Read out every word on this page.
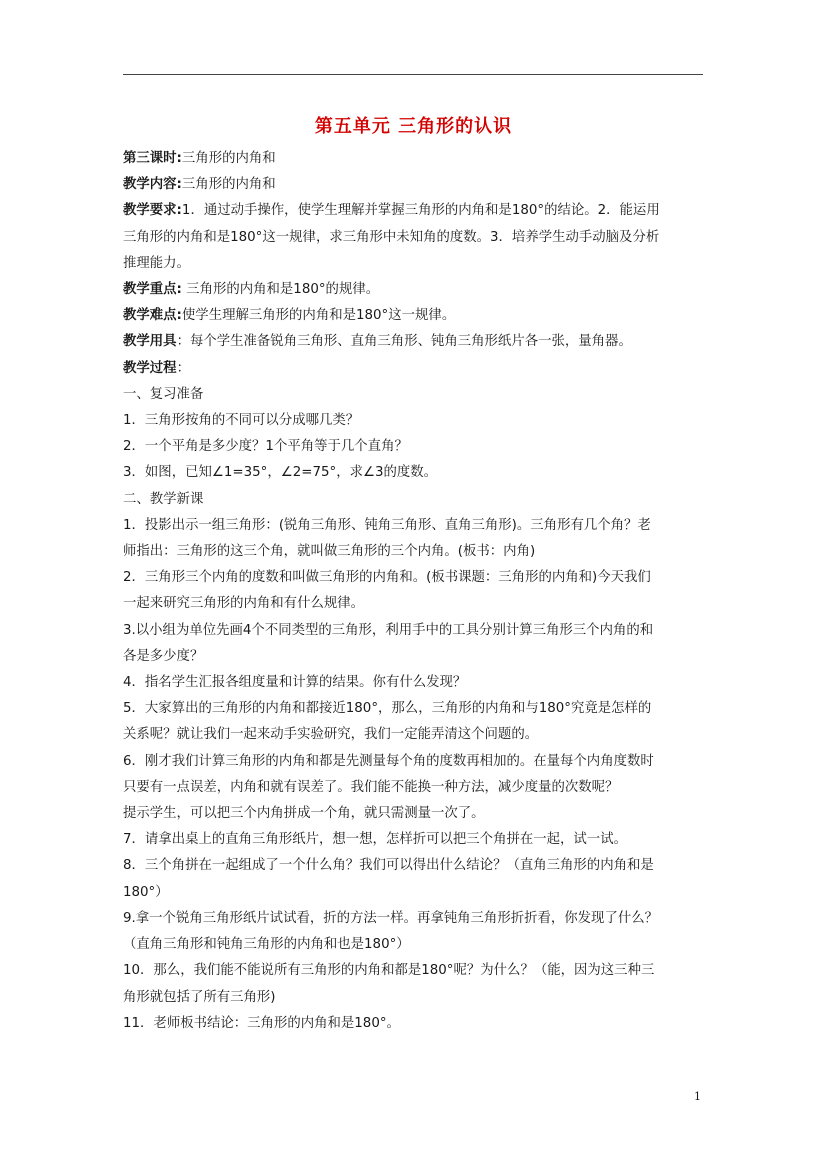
第五单元 三角形的认识

第三课时:三角形的内角和

教学内容:三角形的内角和

教学要求:1．通过动手操作，使学生理解并掌握三角形的内角和是180°的结论。2．能运用

三角形的内角和是180°这一规律，求三角形中未知角的度数。3．培养学生动手动脑及分析

推理能力。

教学重点: 三角形的内角和是180°的规律。

教学难点:使学生理解三角形的内角和是180°这一规律。

教学用具：每个学生准备锐角三角形、直角三角形、钝角三角形纸片各一张，量角器。

教学过程：

一、复习准备

1．三角形按角的不同可以分成哪几类？

2．一个平角是多少度？1个平角等于几个直角？

3．如图，已知∠1=35°，∠2=75°，求∠3的度数。

二、教学新课

1．投影出示一组三角形：(锐角三角形、钝角三角形、直角三角形)。三角形有几个角？老

师指出：三角形的这三个角，就叫做三角形的三个内角。(板书：内角)

2．三角形三个内角的度数和叫做三角形的内角和。(板书课题：三角形的内角和)今天我们

一起来研究三角形的内角和有什么规律。

3.以小组为单位先画4个不同类型的三角形，利用手中的工具分别计算三角形三个内角的和

各是多少度？

4．指名学生汇报各组度量和计算的结果。你有什么发现？

5．大家算出的三角形的内角和都接近180°，那么，三角形的内角和与180°究竟是怎样的

关系呢？就让我们一起来动手实验研究，我们一定能弄清这个问题的。

6．刚才我们计算三角形的内角和都是先测量每个角的度数再相加的。在量每个内角度数时

只要有一点误差，内角和就有误差了。我们能不能换一种方法，减少度量的次数呢？

提示学生，可以把三个内角拼成一个角，就只需测量一次了。

7．请拿出桌上的直角三角形纸片，想一想，怎样折可以把三个角拼在一起，试一试。

8．三个角拼在一起组成了一个什么角？我们可以得出什么结论？（直角三角形的内角和是

180°）

9.拿一个锐角三角形纸片试试看，折的方法一样。再拿钝角三角形折折看，你发现了什么？

（直角三角形和钝角三角形的内角和也是180°）

10．那么，我们能不能说所有三角形的内角和都是180°呢？为什么？（能，因为这三种三

角形就包括了所有三角形)

11．老师板书结论：三角形的内角和是180°。

1
